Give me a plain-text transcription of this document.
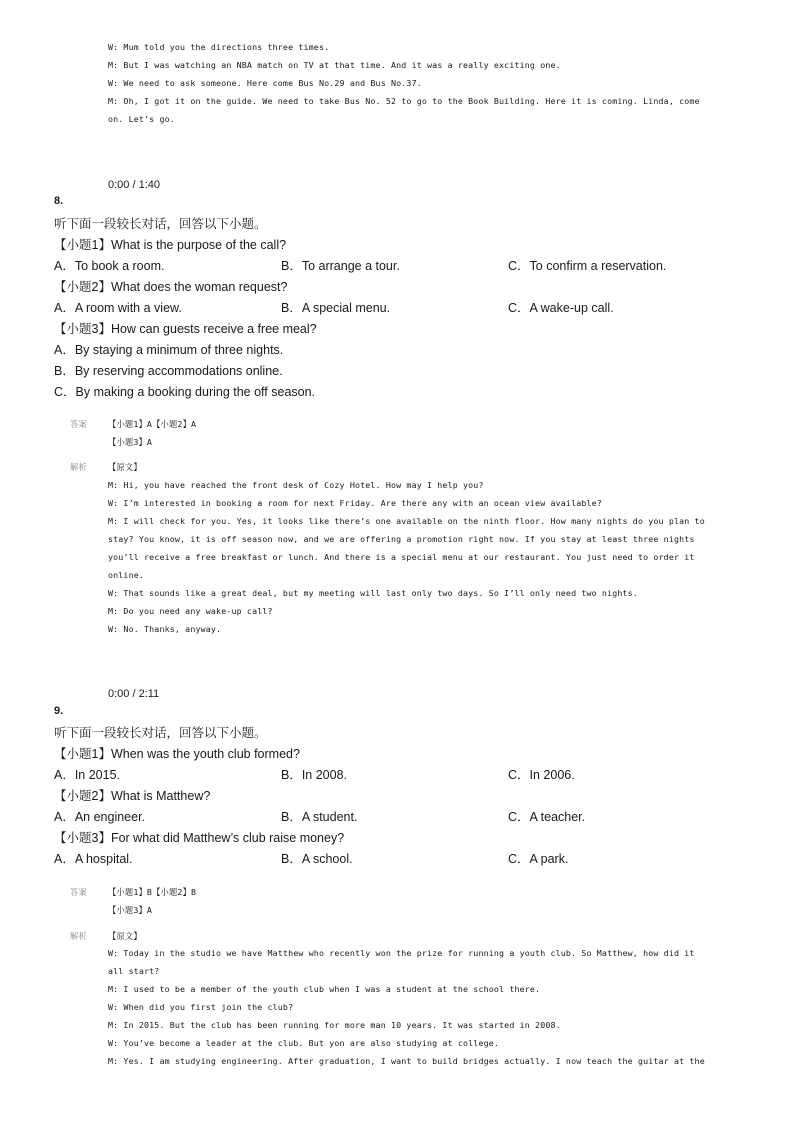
W: Mum told you the directions three times.
M: But I was watching an NBA match on TV at that time. And it was a really exciting one.
W: We need to ask someone. Here come Bus No.29 and Bus No.37.
M: Oh, I got it on the guide. We need to take Bus No. 52 to go to the Book Building. Here it is coming. Linda, come
on. Let’s go.
0:00 / 1:40
8.
听下面一段较长对话，回答以下小题。
【小题1】What is the purpose of the call?
A．To book a room.	B．To arrange a tour.	C．To confirm a reservation.
【小题2】What does the woman request?
A．A room with a view.	B．A special menu.	C．A wake-up call.
【小题3】How can guests receive a free meal?
A．By staying a minimum of three nights.
B．By reserving accommodations online.
C．By making a booking during the off season.
答案	【小题1】A【小题2】A
【小题3】A
解析	【原文】
M: Hi, you have reached the front desk of Cozy Hotel. How may I help you?
W: I’m interested in booking a room for next Friday. Are there any with an ocean view available?
M: I will check for you. Yes, it looks like there’s one available on the ninth floor. How many nights do you plan to
stay? You know, it is off season now, and we are offering a promotion right now. If you stay at least three nights
you’ll receive a free breakfast or lunch. And there is a special menu at our restaurant. You just need to order it
online.
W: That sounds like a great deal, but my meeting will last only two days. So I’ll only need two nights.
M: Do you need any wake-up call?
W: No. Thanks, anyway.
0:00 / 2:11
9.
听下面一段较长对话，回答以下小题。
【小题1】When was the youth club formed?
A．In 2015.	B．In 2008.	C．In 2006.
【小题2】What is Matthew?
A．An engineer.	B．A student.	C．A teacher.
【小题3】For what did Matthew’s club raise money?
A．A hospital.	B．A school.	C．A park.
答案	【小题1】B【小题2】B
【小题3】A
解析	【原文】
W: Today in the studio we have Matthew who recently won the prize for running a youth club. So Matthew, how did it
all start?
M: I used to be a member of the youth club when I was a student at the school there.
W: When did you first join the club?
M: In 2015. But the club has been running for more man 10 years. It was started in 2008.
W: You’ve become a leader at the club. But yon are also studying at college.
M: Yes. I am studying engineering. After graduation, I want to build bridges actually. I now teach the guitar at the
